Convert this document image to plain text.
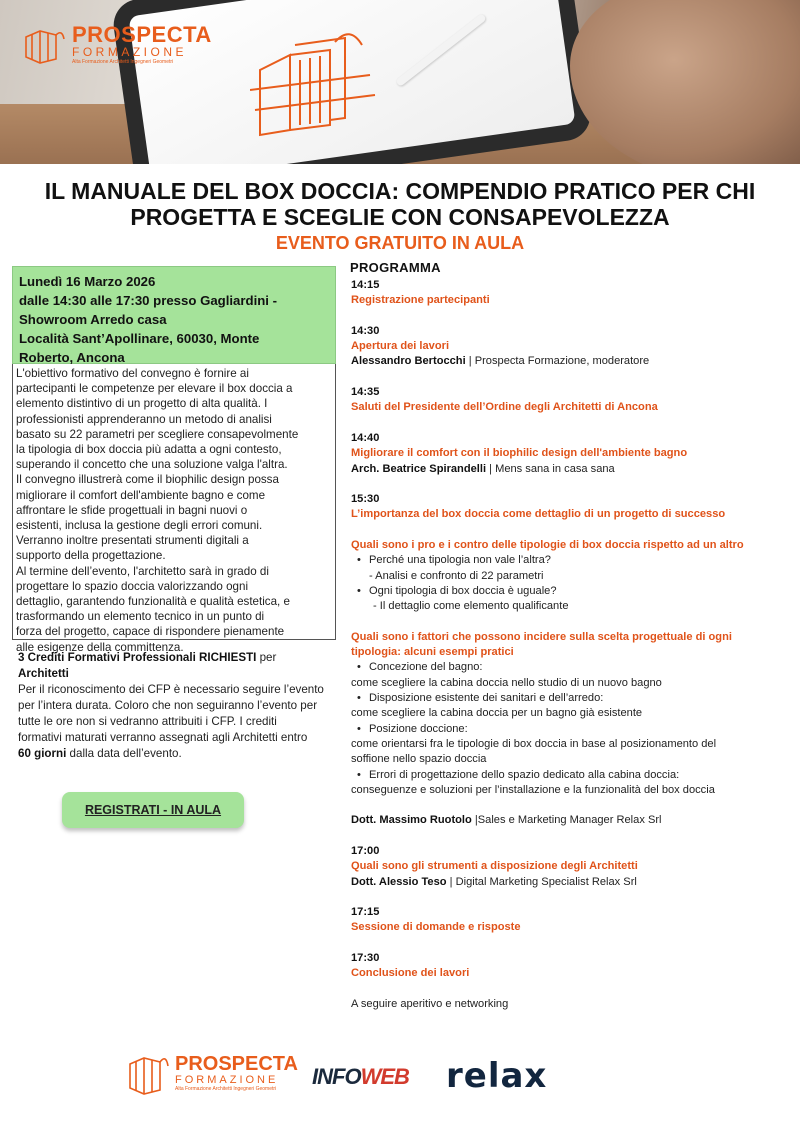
PROSPECTA
FORMAZIONE
Alta Formazione Architetti Ingegneri Geometri
IL MANUALE DEL BOX DOCCIA: COMPENDIO PRATICO PER CHI
PROGETTA E SCEGLIE CON CONSAPEVOLEZZA
EVENTO GRATUITO IN AULA
Lunedì 16 Marzo 2026
dalle 14:30 alle 17:30 presso Gagliardini -
Showroom Arredo casa
Località Sant’Apollinare, 60030, Monte
Roberto, Ancona
L'obiettivo formativo del convegno è fornire ai
partecipanti le competenze per elevare il box doccia a
elemento distintivo di un progetto di alta qualità. I
professionisti apprenderanno un metodo di analisi
basato su 22 parametri per scegliere consapevolmente
la tipologia di box doccia più adatta a ogni contesto,
superando il concetto che una soluzione valga l'altra.
Il convegno illustrerà come il biophilic design possa
migliorare il comfort dell'ambiente bagno e come
affrontare le sfide progettuali in bagni nuovi o
esistenti, inclusa la gestione degli errori comuni.
Verranno inoltre presentati strumenti digitali a
supporto della progettazione.
Al termine dell’evento, l'architetto sarà in grado di
progettare lo spazio doccia valorizzando ogni
dettaglio, garantendo funzionalità e qualità estetica, e
trasformando un elemento tecnico in un punto di
forza del progetto, capace di rispondere pienamente
alle esigenze della committenza.
3 Crediti Formativi Professionali RICHIESTI per
Architetti
Per il riconoscimento dei CFP è necessario seguire l’evento
per l’intera durata. Coloro che non seguiranno l’evento per
tutte le ore non si vedranno attribuiti i CFP. I crediti
formativi maturati verranno assegnati agli Architetti entro
60 giorni dalla data dell’evento.
REGISTRATI - IN AULA
PROGRAMMA
14:15
Registrazione partecipanti
14:30
Apertura dei lavori
Alessandro Bertocchi | Prospecta Formazione, moderatore
14:35
Saluti del Presidente dell’Ordine degli Architetti di Ancona
14:40
Migliorare il comfort con il biophilic design dell'ambiente bagno
Arch. Beatrice Spirandelli | Mens sana in casa sana
15:30
L’importanza del box doccia come dettaglio di un progetto di successo
Quali sono i pro e i contro delle tipologie di box doccia rispetto ad un altro
• Perché una tipologia non vale l’altra?
- Analisi e confronto di 22 parametri
• Ogni tipologia di box doccia è uguale?
- Il dettaglio come elemento qualificante
Quali sono i fattori che possono incidere sulla scelta progettuale di ogni
tipologia: alcuni esempi pratici
• Concezione del bagno:
come scegliere la cabina doccia nello studio di un nuovo bagno
• Disposizione esistente dei sanitari e dell’arredo:
come scegliere la cabina doccia per un bagno già esistente
• Posizione doccione:
come orientarsi fra le tipologie di box doccia in base al posizionamento del
soffione nello spazio doccia
• Errori di progettazione dello spazio dedicato alla cabina doccia:
conseguenze e soluzioni per l’installazione e la funzionalità del box doccia
Dott. Massimo Ruotolo |Sales e Marketing Manager Relax Srl
17:00
Quali sono gli strumenti a disposizione degli Architetti
Dott. Alessio Teso | Digital Marketing Specialist Relax Srl
17:15
Sessione di domande e risposte
17:30
Conclusione dei lavori
A seguire aperitivo e networking
PROSPECTA
FORMAZIONE
Alta Formazione Architetti Ingegneri Geometri	INFOWEB relax
